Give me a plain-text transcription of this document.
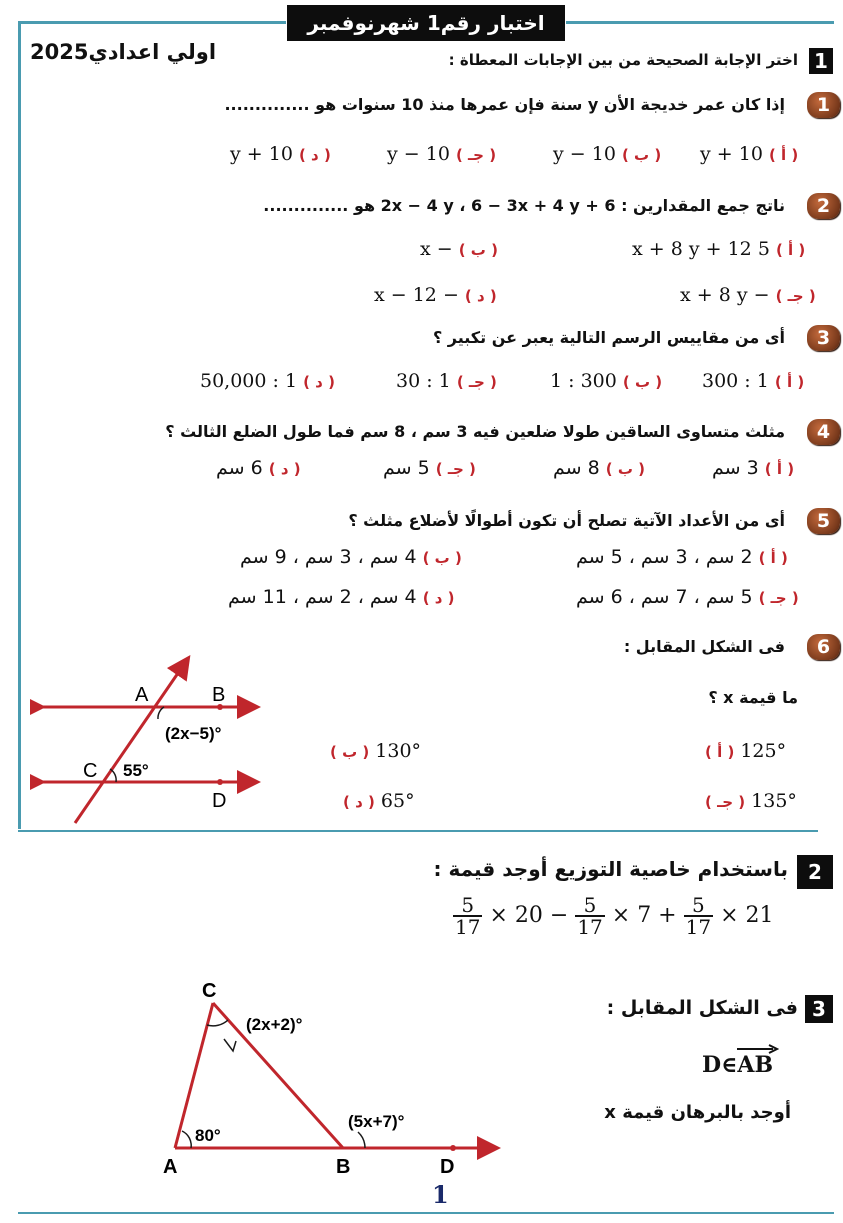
اختبار رقم1 شهرنوفمبر
اولي اعدادي2025	1
اختر الإجابة الصحيحة من بين الإجابات المعطاة :
1
إذا كان عمر خديجة الأن y سنة فإن عمرها منذ 10 سنوات هو ..............
( أ ) y + 10
( ب ) y − 10
( جـ ) 10 − y
( د ) 10 + y
2
ناتج جمع المقدارين : 6 + 2x − 4 y ، 6 − 3x + 4 y هو ..............
( أ ) 5 x + 8 y + 12
( ب ) − x
( جـ ) − x + 8 y
( د ) − x − 12
3
أى من مقاييس الرسم التالية يعبر عن تكبير ؟
( أ ) 1 : 300
( ب ) 300 : 1
( جـ ) 1 : 30
( د ) 1 : 50,000
4
مثلث متساوى الساقين طولا ضلعين فيه 3 سم ، 8 سم فما طول الضلع الثالث ؟
( أ ) 3 سم
( ب ) 8 سم
( جـ ) 5 سم
( د ) 6 سم
5
أى من الأعداد الآتية تصلح أن تكون أطوالًا لأضلاع مثلث ؟
( أ ) 2 سم ، 3 سم ، 5 سم
( ب ) 4 سم ، 3 سم ، 9 سم
( جـ ) 5 سم ، 7 سم ، 6 سم
( د ) 4 سم ، 2 سم ، 11 سم
6
فى الشكل المقابل :
ما قيمة x ؟
125° ( أ )
130° ( ب )
135° ( جـ )
65° ( د )
A	B
C
D
(2x−5)°
55°
2
باستخدام خاصية التوزيع أوجد قيمة :
$\frac{5}{17} \times 20 - \frac{5}{17} \times 7 + \frac{5}{17} \times 21$
3
فى الشكل المقابل :
D∈
AB
أوجد بالبرهان قيمة x
C
A	B	D
(2x+2)°
80°
(5x+7)°
1
